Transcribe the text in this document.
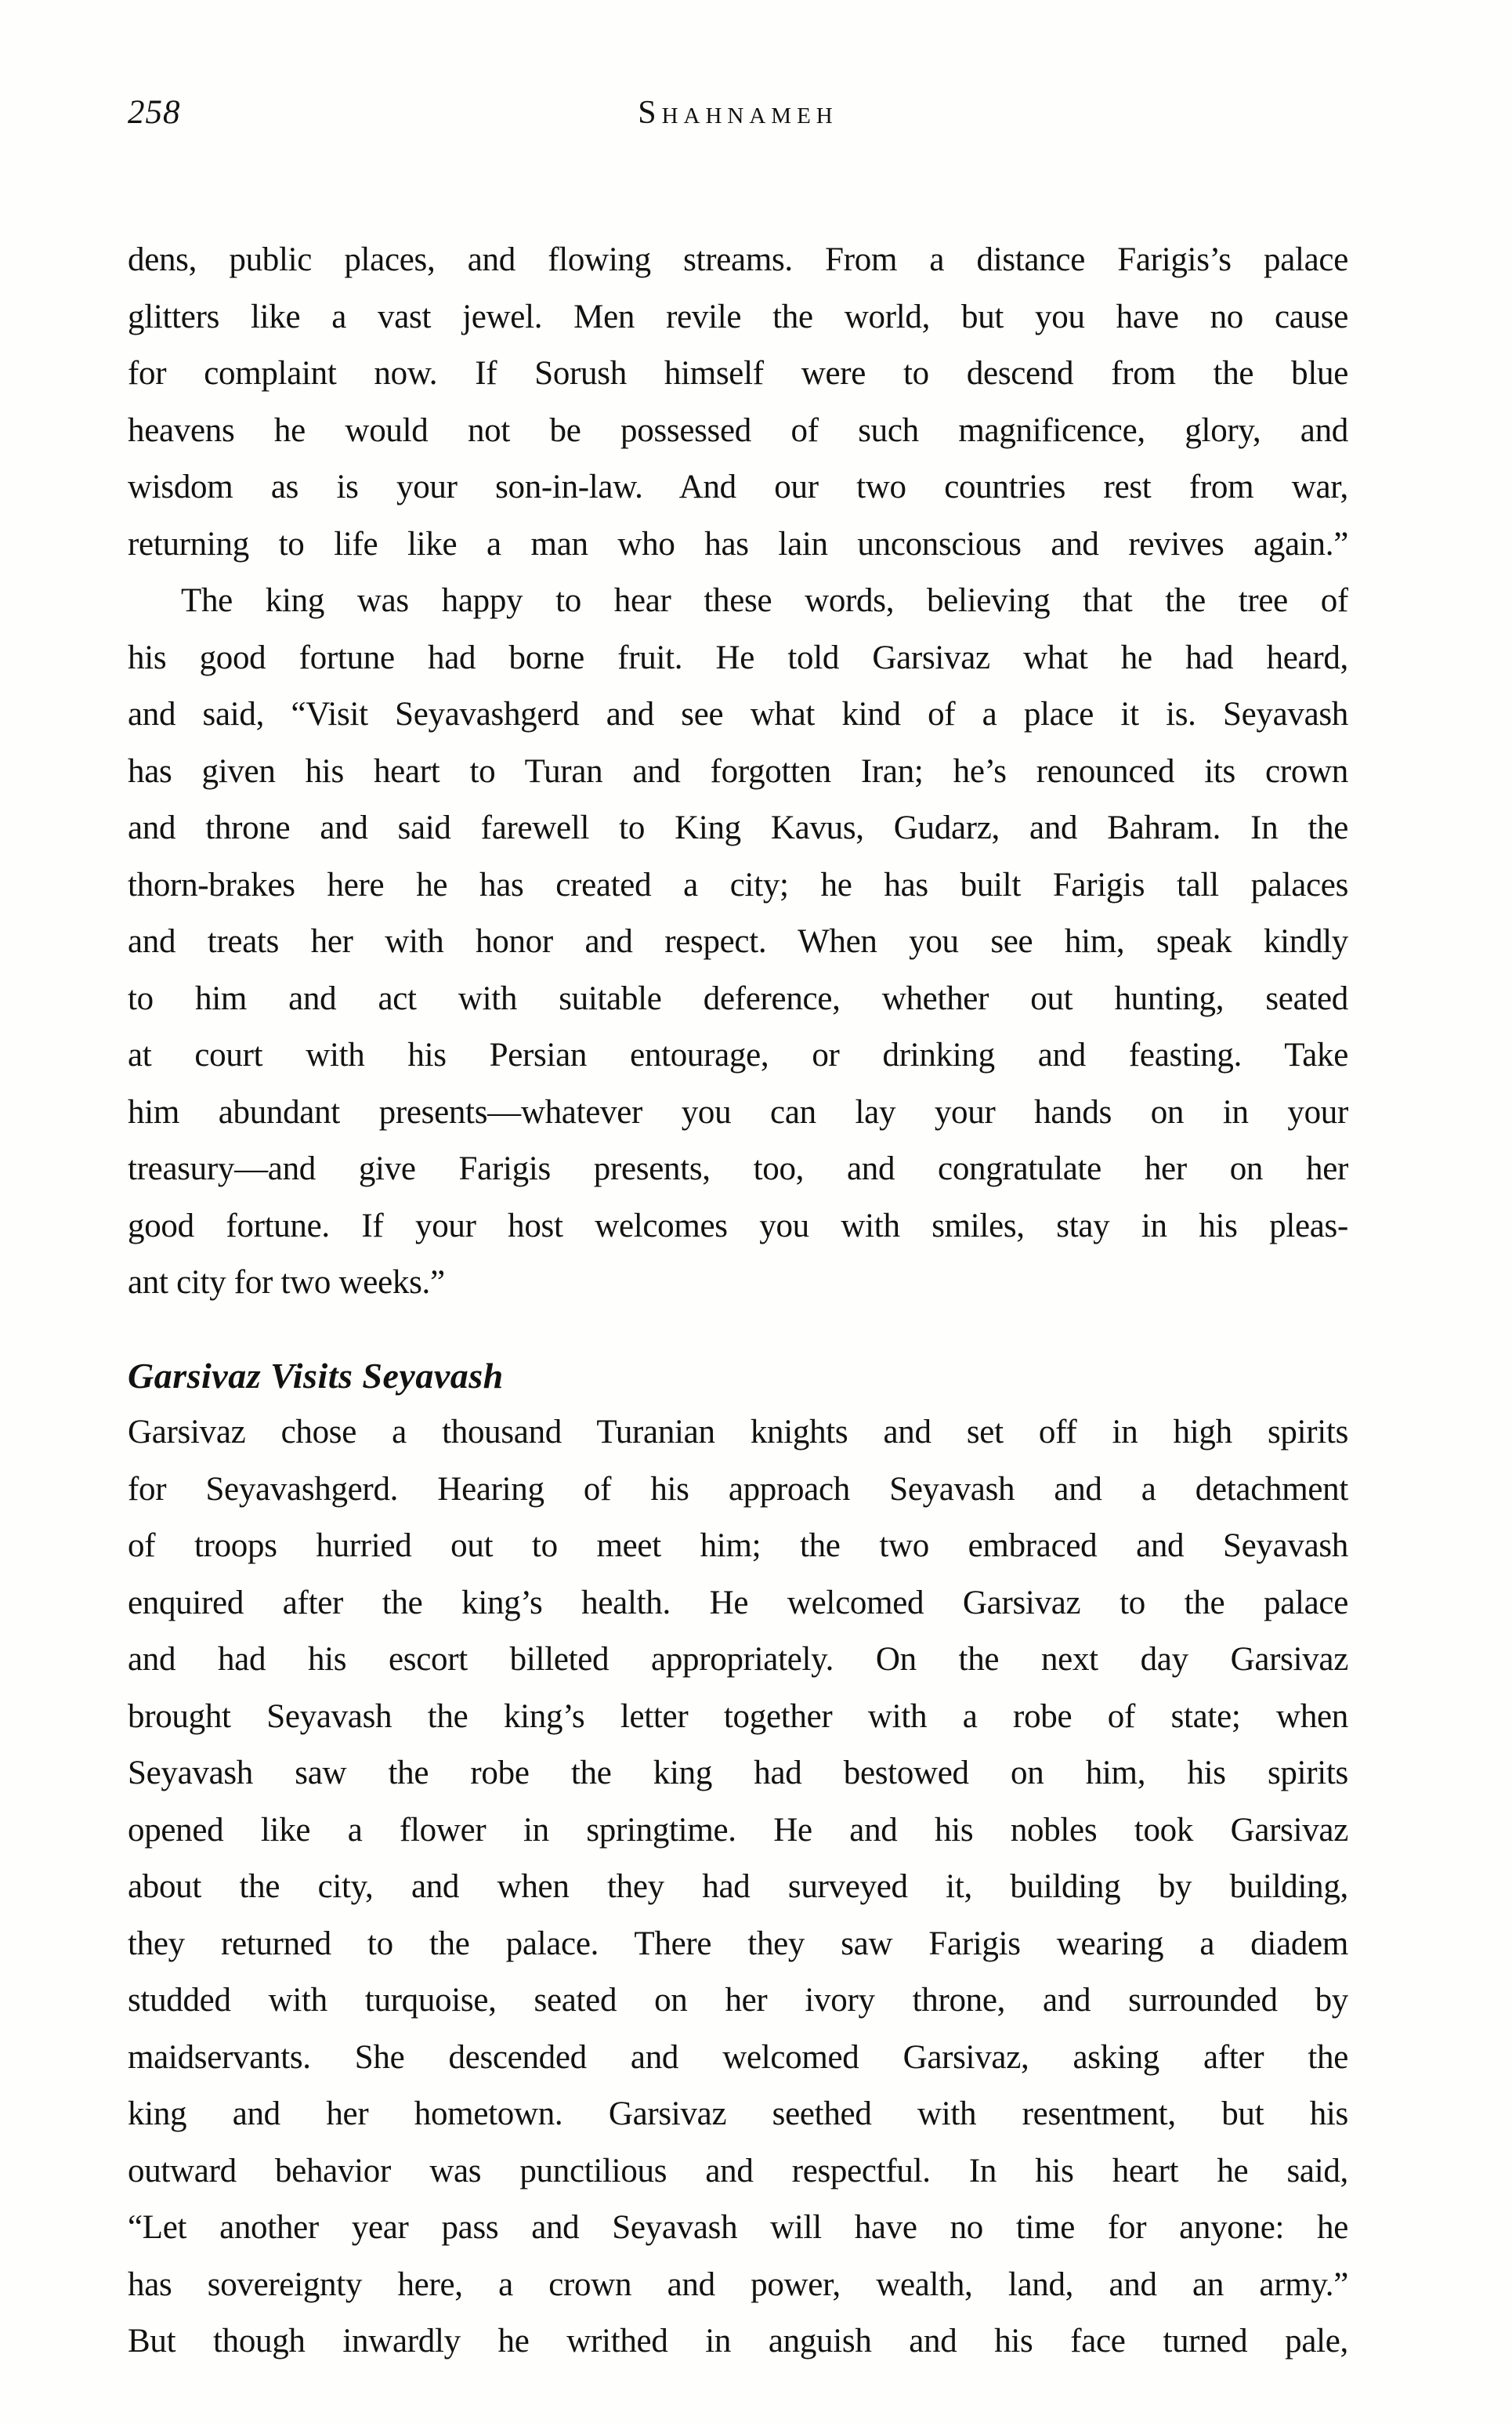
258	Shahnameh
dens, public places, and flowing streams. From a distance Farigis’s palace
glitters like a vast jewel. Men revile the world, but you have no cause
for complaint now. If Sorush himself were to descend from the blue
heavens he would not be possessed of such magnificence, glory, and
wisdom as is your son-in-law. And our two countries rest from war,
returning to life like a man who has lain unconscious and revives again.”
The king was happy to hear these words, believing that the tree of
his good fortune had borne fruit. He told Garsivaz what he had heard,
and said, “Visit Seyavashgerd and see what kind of a place it is. Seyavash
has given his heart to Turan and forgotten Iran; he’s renounced its crown
and throne and said farewell to King Kavus, Gudarz, and Bahram. In the
thorn-brakes here he has created a city; he has built Farigis tall palaces
and treats her with honor and respect. When you see him, speak kindly
to him and act with suitable deference, whether out hunting, seated
at court with his Persian entourage, or drinking and feasting. Take
him abundant presents—whatever you can lay your hands on in your
treasury—and give Farigis presents, too, and congratulate her on her
good fortune. If your host welcomes you with smiles, stay in his pleas-
ant city for two weeks.”
Garsivaz Visits Seyavash
Garsivaz chose a thousand Turanian knights and set off in high spirits
for Seyavashgerd. Hearing of his approach Seyavash and a detachment
of troops hurried out to meet him; the two embraced and Seyavash
enquired after the king’s health. He welcomed Garsivaz to the palace
and had his escort billeted appropriately. On the next day Garsivaz
brought Seyavash the king’s letter together with a robe of state; when
Seyavash saw the robe the king had bestowed on him, his spirits
opened like a flower in springtime. He and his nobles took Garsivaz
about the city, and when they had surveyed it, building by building,
they returned to the palace. There they saw Farigis wearing a diadem
studded with turquoise, seated on her ivory throne, and surrounded by
maidservants. She descended and welcomed Garsivaz, asking after the
king and her hometown. Garsivaz seethed with resentment, but his
outward behavior was punctilious and respectful. In his heart he said,
“Let another year pass and Seyavash will have no time for anyone: he
has sovereignty here, a crown and power, wealth, land, and an army.”
But though inwardly he writhed in anguish and his face turned pale,
